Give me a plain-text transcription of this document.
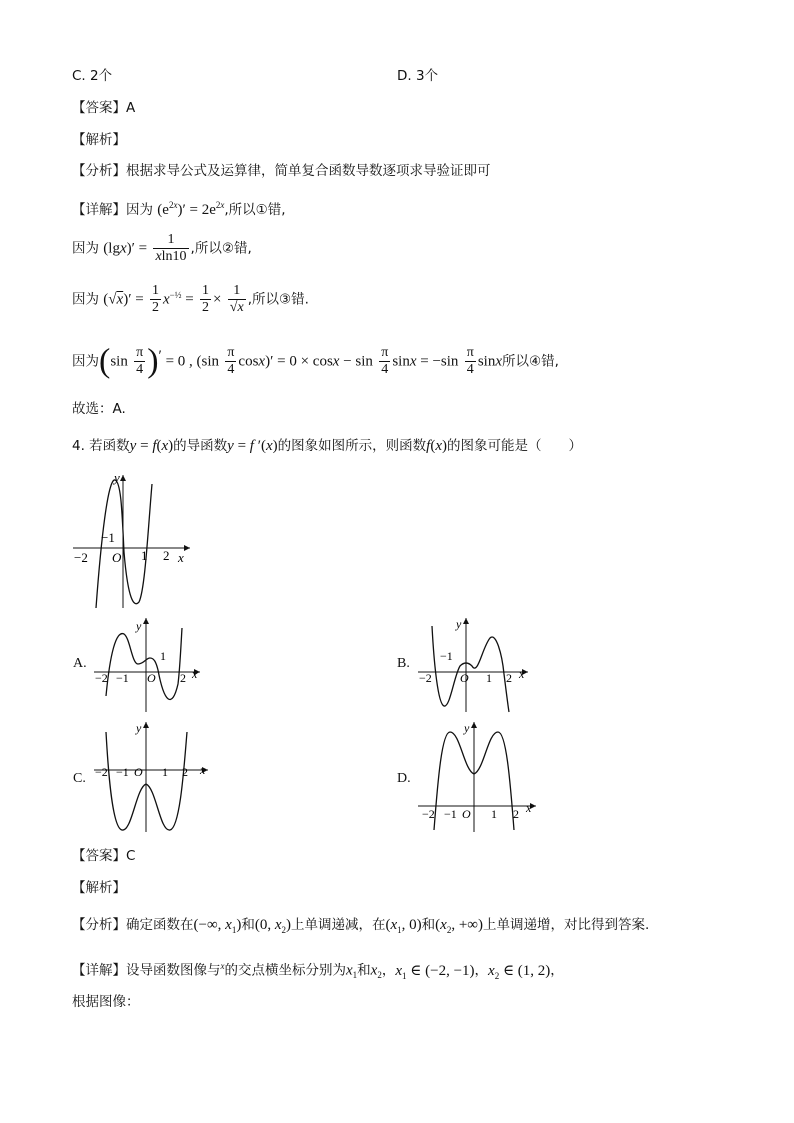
C. 2个	D. 3个
【答案】A
【解析】
【分析】根据求导公式及运算律，简单复合函数导数逐项求导验证即可
【详解】因为 $(e^{2x})' = 2e^{2x}$,所以①错,
因为 $(\lg x)' = \frac{1}{xln10}$ ,所以②错,
因为 $(√x)' = \frac{1}{2} x^{-\frac{1}{2}} = \frac{1}{2} \times \frac{1}{√x}$ ,所以③错.
因为$(\sin \frac{\pi}{4} )' = 0$ , $(\sin \frac{\pi}{4} \cos x)' = 0 \times \cos x - \sin \frac{\pi}{4}$ $\sin x = -\sin \frac{\pi}{4}$ sinx所以④错,
故选：A.
4. 若函数y = f(x)的导函数y = f ′(x)的图象如图所示，则函数f(x)的图象可能是（　　）
y
x
O
−2
−1
1 2
A.
y
x
O
−2 −1
1
2
B.
y
x
O
−2
−1
1 2
C.
y
x
O
−2 −1	1 2	D.
y
x
O
−2 −1	1 2
【答案】C
【解析】
【分析】确定函数在(−∞, $x_1$)和(0, $x_2$)上单调递减，在($x_1$, 0)和($x_2$, +∞)上单调递增，对比得到答案.
【详解】设导函数图像与$^x$的交点横坐标分别为$x_1$和$x_2$，$x_1$ ∈ (−2, −1)，$x_2$ ∈ (1, 2)，
根据图像：
